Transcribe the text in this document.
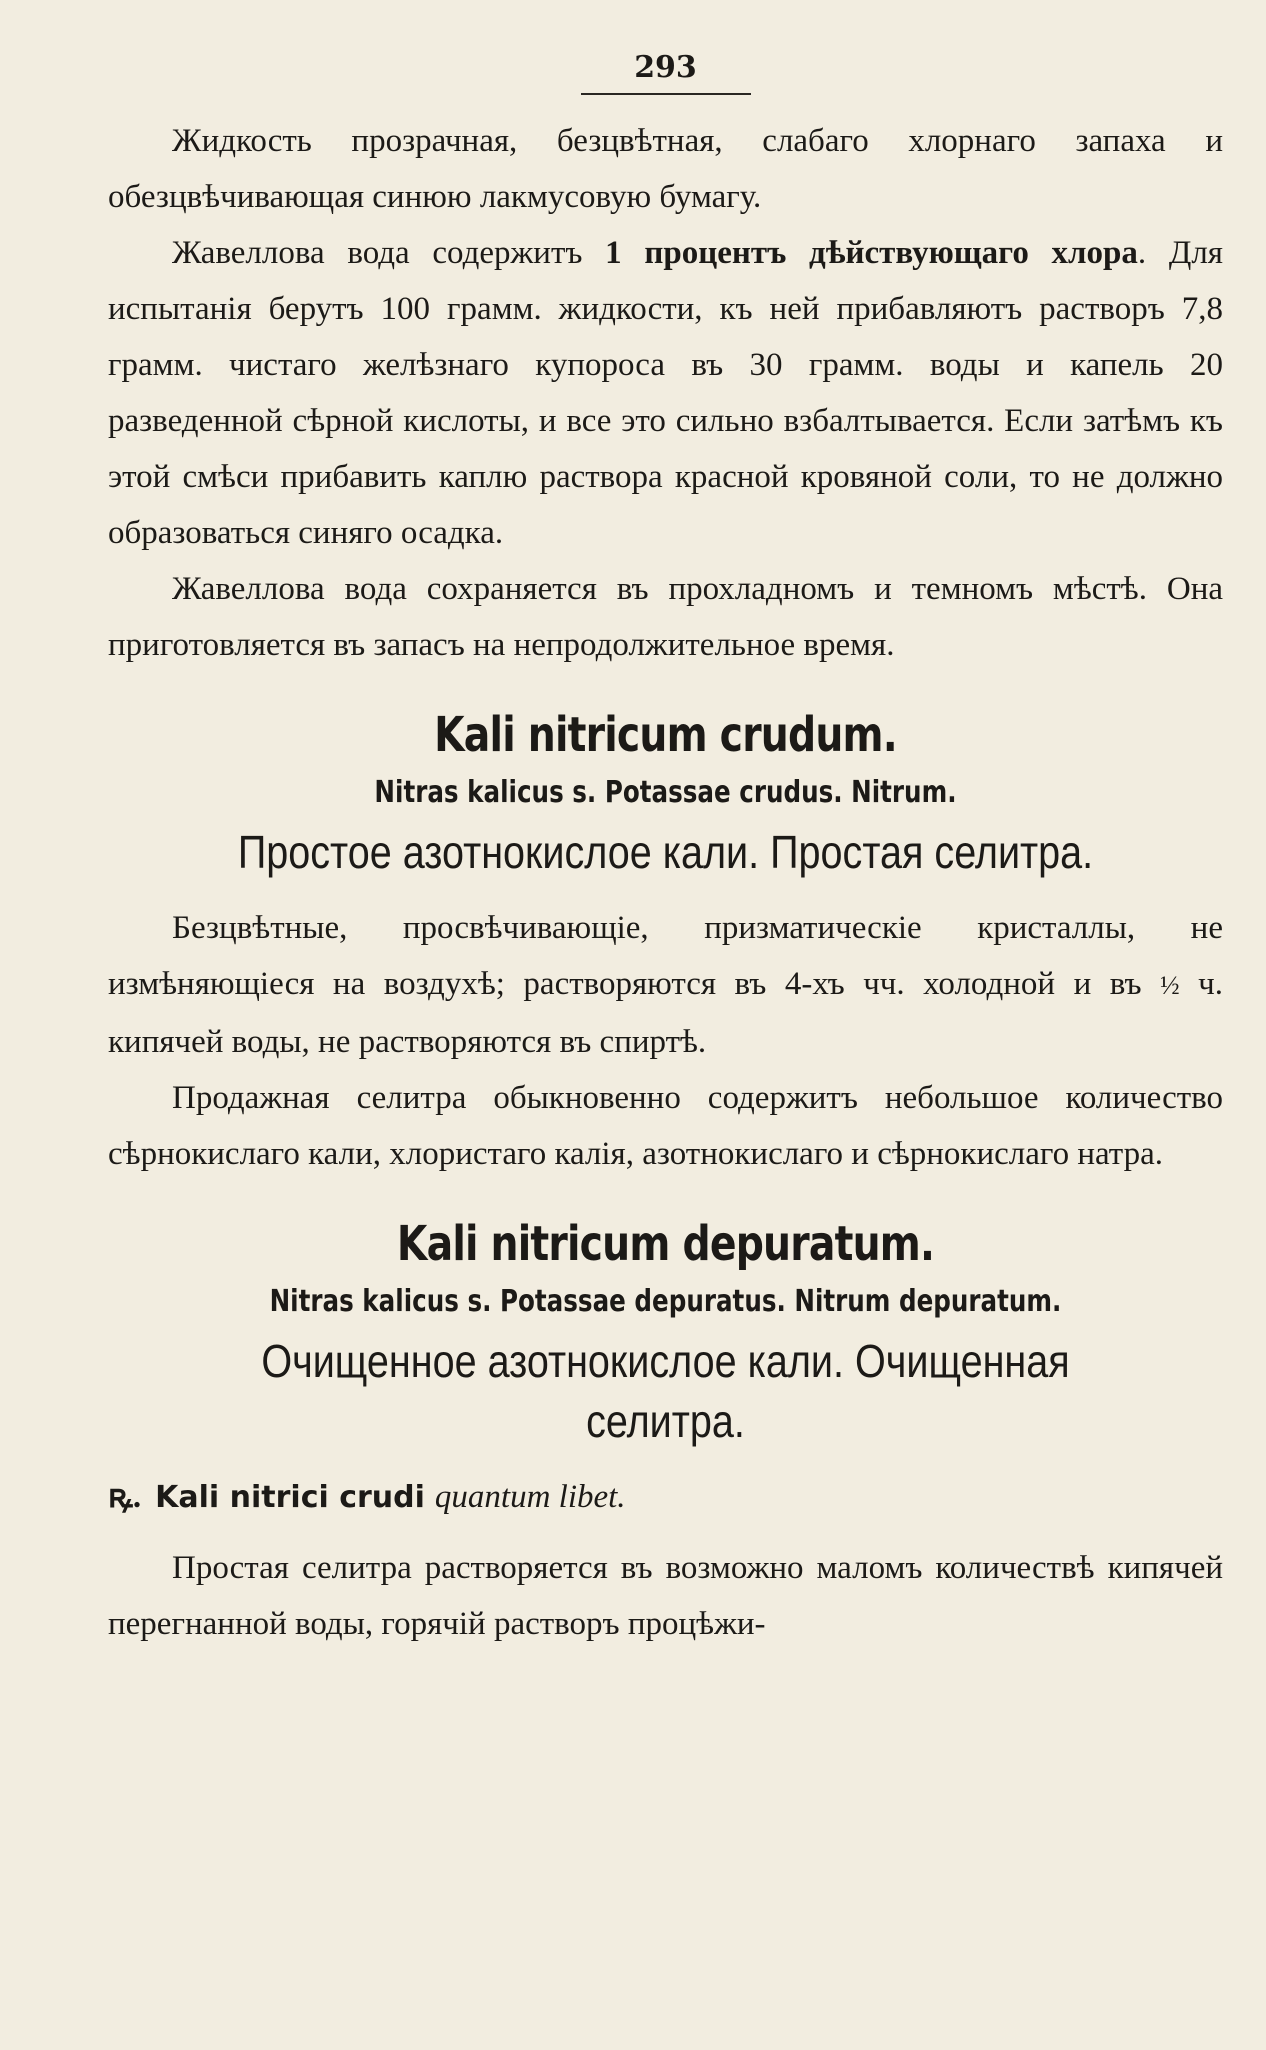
293

Жидкость прозрачная, безцвѣтная, слабаго хлорнаго запаха и обезцвѣчивающая синюю лакмусовую бумагу.

Жавеллова вода содержитъ 1 процентъ дѣйствующаго хлора. Для испытанія берутъ 100 грамм. жидкости, къ ней прибавляютъ растворъ 7,8 грамм. чистаго желѣзнаго купороса въ 30 грамм. воды и капель 20 разведенной сѣрной кислоты, и все это сильно взбалтывается. Если затѣмъ къ этой смѣси прибавить каплю раствора красной кровяной соли, то не должно образоваться синяго осадка.

Жавеллова вода сохраняется въ прохладномъ и темномъ мѣстѣ. Она приготовляется въ запасъ на непродолжительное время.

Kali nitricum crudum.
Nitras kalicus s. Potassae crudus. Nitrum.
Простое азотнокислое кали. Простая селитра.

Безцвѣтные, просвѣчивающіе, призматическіе кристаллы, не измѣняющіеся на воздухѣ; растворяются въ 4-хъ чч. холодной и въ ½ ч. кипячей воды, не растворяются въ спиртѣ.

Продажная селитра обыкновенно содержитъ небольшое количество сѣрнокислаго кали, хлористаго калія, азотнокислаго и сѣрнокислаго натра.

Kali nitricum depuratum.
Nitras kalicus s. Potassae depuratus. Nitrum depuratum.
Очищенное азотнокислое кали. Очищенная селитра.
ꝶ. Kali nitrici crudi quantum libet.

Простая селитра растворяется въ возможно маломъ количествѣ кипячей перегнанной воды, горячій растворъ процѣжи-
